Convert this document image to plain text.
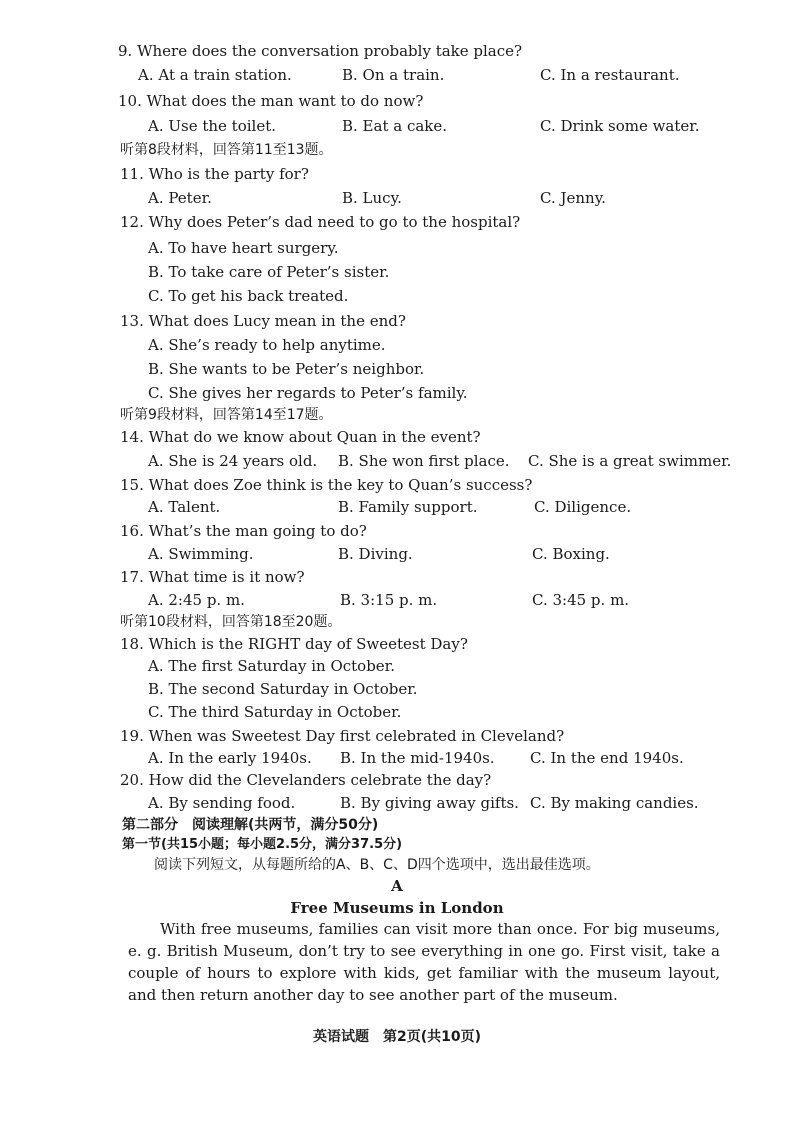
9. Where does the conversation probably take place?
A. At a train station.	B. On a train.	C. In a restaurant.
10. What does the man want to do now?
A. Use the toilet.	B. Eat a cake.	C. Drink some water.
听第8段材料，回答第11至13题。
11. Who is the party for?
A. Peter.	B. Lucy.	C. Jenny.
12. Why does Peter’s dad need to go to the hospital?
A. To have heart surgery.
B. To take care of Peter’s sister.
C. To get his back treated.
13. What does Lucy mean in the end?
A. She’s ready to help anytime.
B. She wants to be Peter’s neighbor.
C. She gives her regards to Peter’s family.
听第9段材料，回答第14至17题。
14. What do we know about Quan in the event?
A. She is 24 years old. B. She won first place. C. She is a great swimmer.
15. What does Zoe think is the key to Quan’s success?
A. Talent.	B. Family support.	C. Diligence.
16. What’s the man going to do?
A. Swimming.	B. Diving.	C. Boxing.
17. What time is it now?
A. 2:45 p. m.	B. 3:15 p. m.	C. 3:45 p. m.
听第10段材料，回答第18至20题。
18. Which is the RIGHT day of Sweetest Day?
A. The first Saturday in October.
B. The second Saturday in October.
C. The third Saturday in October.
19. When was Sweetest Day first celebrated in Cleveland?
A. In the early 1940s. B. In the mid-1940s. C. In the end 1940s.
20. How did the Clevelanders celebrate the day?
A. By sending food.	B. By giving away gifts. C. By making candies.
第二部分　阅读理解(共两节，满分50分)
第一节(共15小题；每小题2.5分，满分37.5分)
阅读下列短文，从每题所给的A、B、C、D四个选项中，选出最佳选项。
A
Free Museums in London
With free museums, families can visit more than once. For big museums, e. g. British Museum, don’t try to see everything in one go. First visit, take a couple of hours to explore with kids, get familiar with the museum layout, and then return another day to see another part of the museum.
英语试题　第2页(共10页)
